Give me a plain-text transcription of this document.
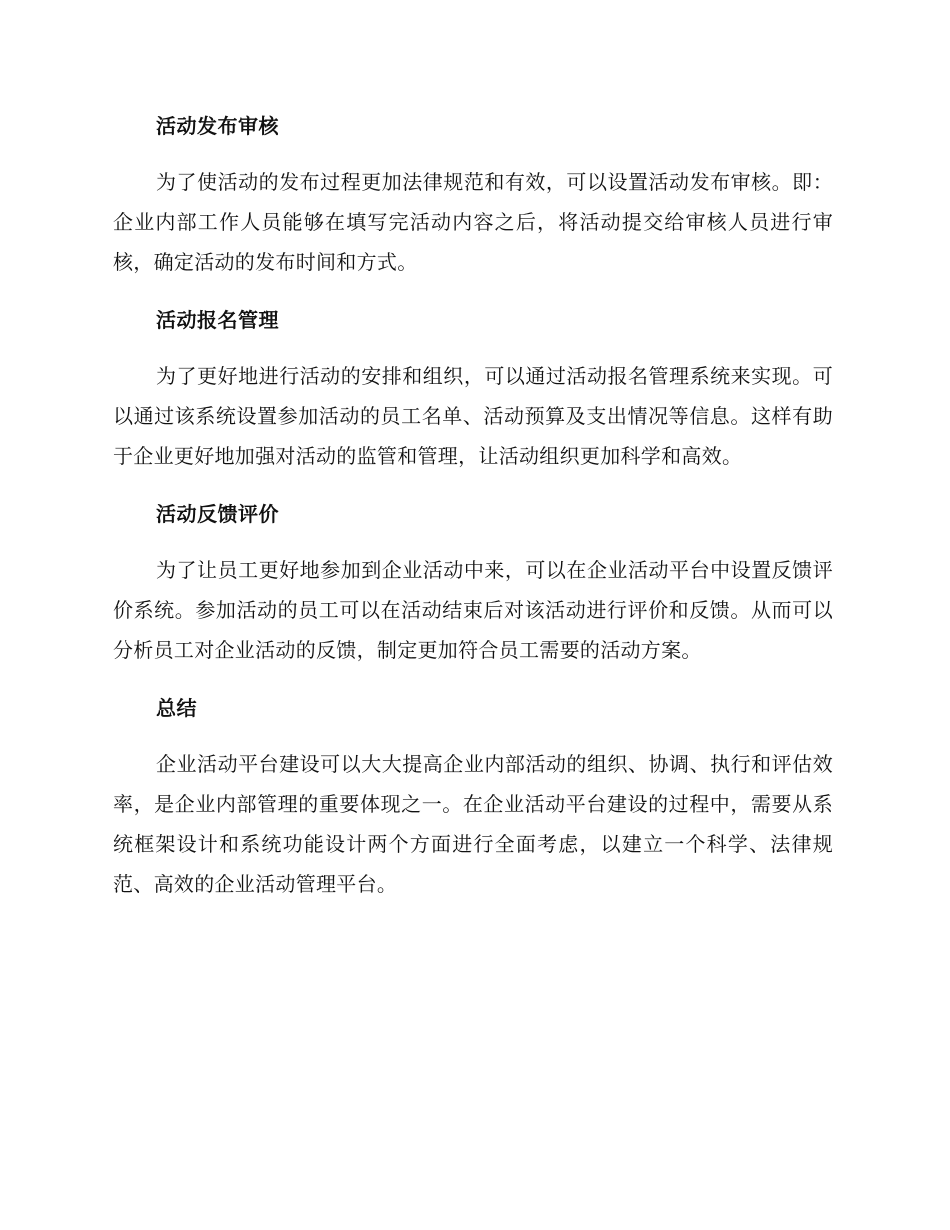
活动发布审核

为了使活动的发布过程更加法律规范和有效，可以设置活动发布审核。即：企业内部工作人员能够在填写完活动内容之后，将活动提交给审核人员进行审核，确定活动的发布时间和方式。

活动报名管理

为了更好地进行活动的安排和组织，可以通过活动报名管理系统来实现。可以通过该系统设置参加活动的员工名单、活动预算及支出情况等信息。这样有助于企业更好地加强对活动的监管和管理，让活动组织更加科学和高效。

活动反馈评价

为了让员工更好地参加到企业活动中来，可以在企业活动平台中设置反馈评价系统。参加活动的员工可以在活动结束后对该活动进行评价和反馈。从而可以分析员工对企业活动的反馈，制定更加符合员工需要的活动方案。

总结

企业活动平台建设可以大大提高企业内部活动的组织、协调、执行和评估效率，是企业内部管理的重要体现之一。在企业活动平台建设的过程中，需要从系统框架设计和系统功能设计两个方面进行全面考虑，以建立一个科学、法律规范、高效的企业活动管理平台。
